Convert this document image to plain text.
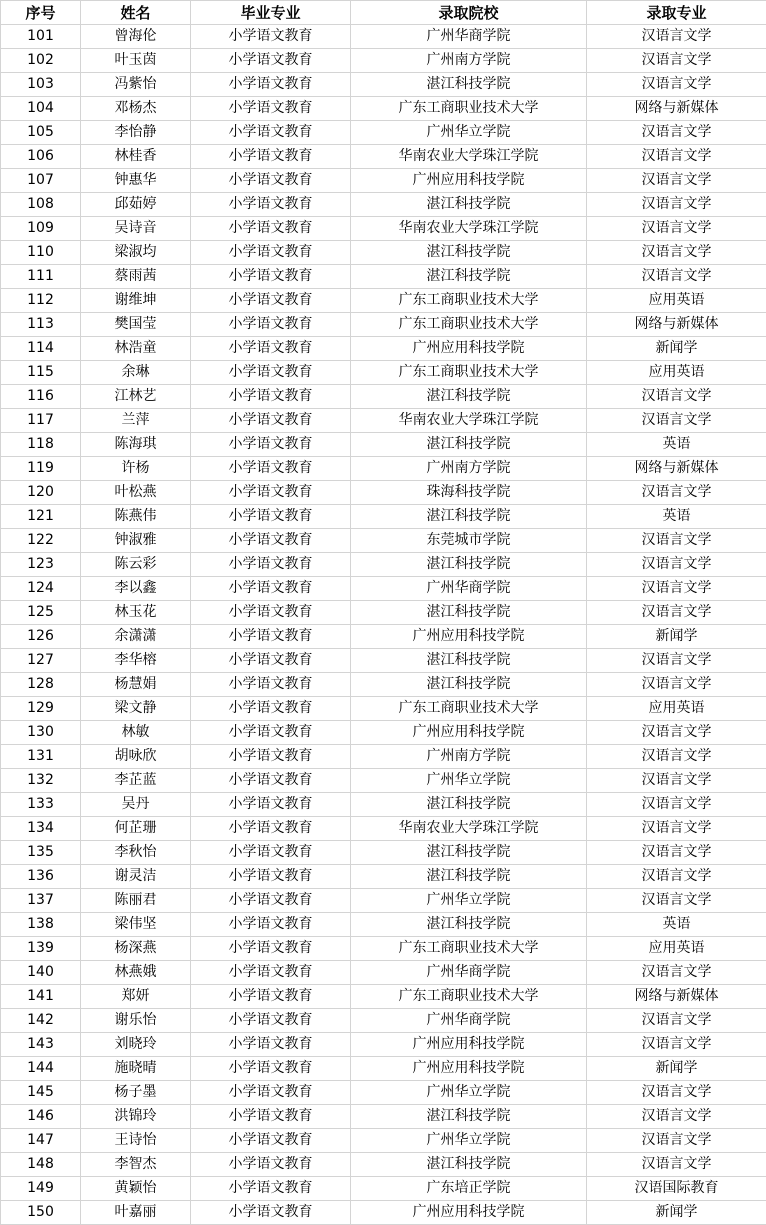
序号	姓名	毕业专业	录取院校	录取专业
101	曾海伦	小学语文教育	广州华商学院	汉语言文学
102	叶玉茵	小学语文教育	广州南方学院	汉语言文学
103	冯紫怡	小学语文教育	湛江科技学院	汉语言文学
104	邓杨杰	小学语文教育	广东工商职业技术大学	网络与新媒体
105	李怡静	小学语文教育	广州华立学院	汉语言文学
106	林桂香	小学语文教育	华南农业大学珠江学院	汉语言文学
107	钟惠华	小学语文教育	广州应用科技学院	汉语言文学
108	邱茹婷	小学语文教育	湛江科技学院	汉语言文学
109	吴诗音	小学语文教育	华南农业大学珠江学院	汉语言文学
110	梁淑均	小学语文教育	湛江科技学院	汉语言文学
111	蔡雨茜	小学语文教育	湛江科技学院	汉语言文学
112	谢维坤	小学语文教育	广东工商职业技术大学	应用英语
113	樊国莹	小学语文教育	广东工商职业技术大学	网络与新媒体
114	林浩童	小学语文教育	广州应用科技学院	新闻学
115	余琳	小学语文教育	广东工商职业技术大学	应用英语
116	江林艺	小学语文教育	湛江科技学院	汉语言文学
117	兰萍	小学语文教育	华南农业大学珠江学院	汉语言文学
118	陈海琪	小学语文教育	湛江科技学院	英语
119	许杨	小学语文教育	广州南方学院	网络与新媒体
120	叶松燕	小学语文教育	珠海科技学院	汉语言文学
121	陈燕伟	小学语文教育	湛江科技学院	英语
122	钟淑雅	小学语文教育	东莞城市学院	汉语言文学
123	陈云彩	小学语文教育	湛江科技学院	汉语言文学
124	李以鑫	小学语文教育	广州华商学院	汉语言文学
125	林玉花	小学语文教育	湛江科技学院	汉语言文学
126	余潇潇	小学语文教育	广州应用科技学院	新闻学
127	李华榕	小学语文教育	湛江科技学院	汉语言文学
128	杨慧娟	小学语文教育	湛江科技学院	汉语言文学
129	梁文静	小学语文教育	广东工商职业技术大学	应用英语
130	林敏	小学语文教育	广州应用科技学院	汉语言文学
131	胡咏欣	小学语文教育	广州南方学院	汉语言文学
132	李芷蓝	小学语文教育	广州华立学院	汉语言文学
133	吴丹	小学语文教育	湛江科技学院	汉语言文学
134	何芷珊	小学语文教育	华南农业大学珠江学院	汉语言文学
135	李秋怡	小学语文教育	湛江科技学院	汉语言文学
136	谢灵洁	小学语文教育	湛江科技学院	汉语言文学
137	陈丽君	小学语文教育	广州华立学院	汉语言文学
138	梁伟坚	小学语文教育	湛江科技学院	英语
139	杨深燕	小学语文教育	广东工商职业技术大学	应用英语
140	林燕娥	小学语文教育	广州华商学院	汉语言文学
141	郑妍	小学语文教育	广东工商职业技术大学	网络与新媒体
142	谢乐怡	小学语文教育	广州华商学院	汉语言文学
143	刘晓玲	小学语文教育	广州应用科技学院	汉语言文学
144	施晓晴	小学语文教育	广州应用科技学院	新闻学
145	杨子墨	小学语文教育	广州华立学院	汉语言文学
146	洪锦玲	小学语文教育	湛江科技学院	汉语言文学
147	王诗怡	小学语文教育	广州华立学院	汉语言文学
148	李智杰	小学语文教育	湛江科技学院	汉语言文学
149	黄颖怡	小学语文教育	广东培正学院	汉语国际教育
150	叶嘉丽	小学语文教育	广州应用科技学院	新闻学
